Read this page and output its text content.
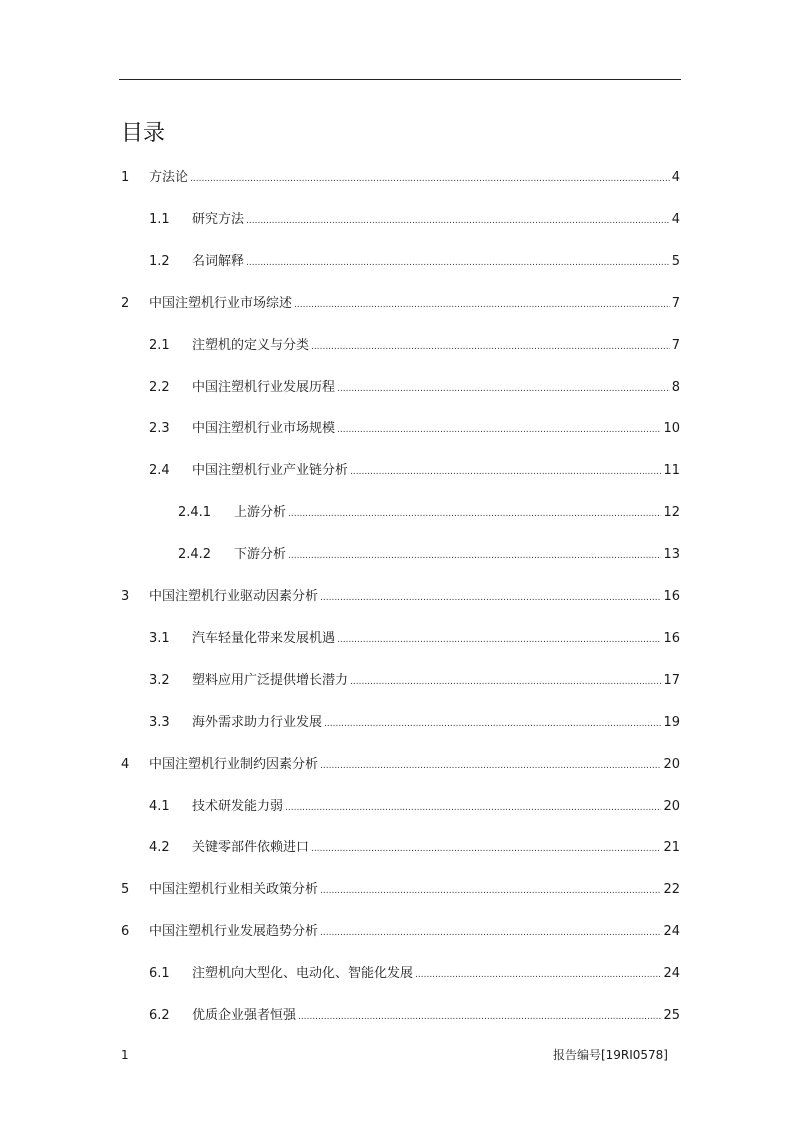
目录
1	方法论 .....	4
1.1	研究方法 .....	4
1.2	名词解释 .....	5
2	中国注塑机行业市场综述 .....	7
2.1	注塑机的定义与分类 .....	7
2.2	中国注塑机行业发展历程 .....	8
2.3	中国注塑机行业市场规模 .....	10
2.4	中国注塑机行业产业链分析 .....	11
2.4.1	上游分析 .....	12
2.4.2	下游分析 .....	13
3	中国注塑机行业驱动因素分析 .....	16
3.1	汽车轻量化带来发展机遇 .....	16
3.2	塑料应用广泛提供增长潜力 .....	17
3.3	海外需求助力行业发展 .....	19
4	中国注塑机行业制约因素分析 .....	20
4.1	技术研发能力弱 .....	20
4.2	关键零部件依赖进口 .....	21
5	中国注塑机行业相关政策分析 .....	22
6	中国注塑机行业发展趋势分析 .....	24
6.1	注塑机向大型化、电动化、智能化发展 .....	24
6.2	优质企业强者恒强 .....	25
1	报告编号[19RI0578]
